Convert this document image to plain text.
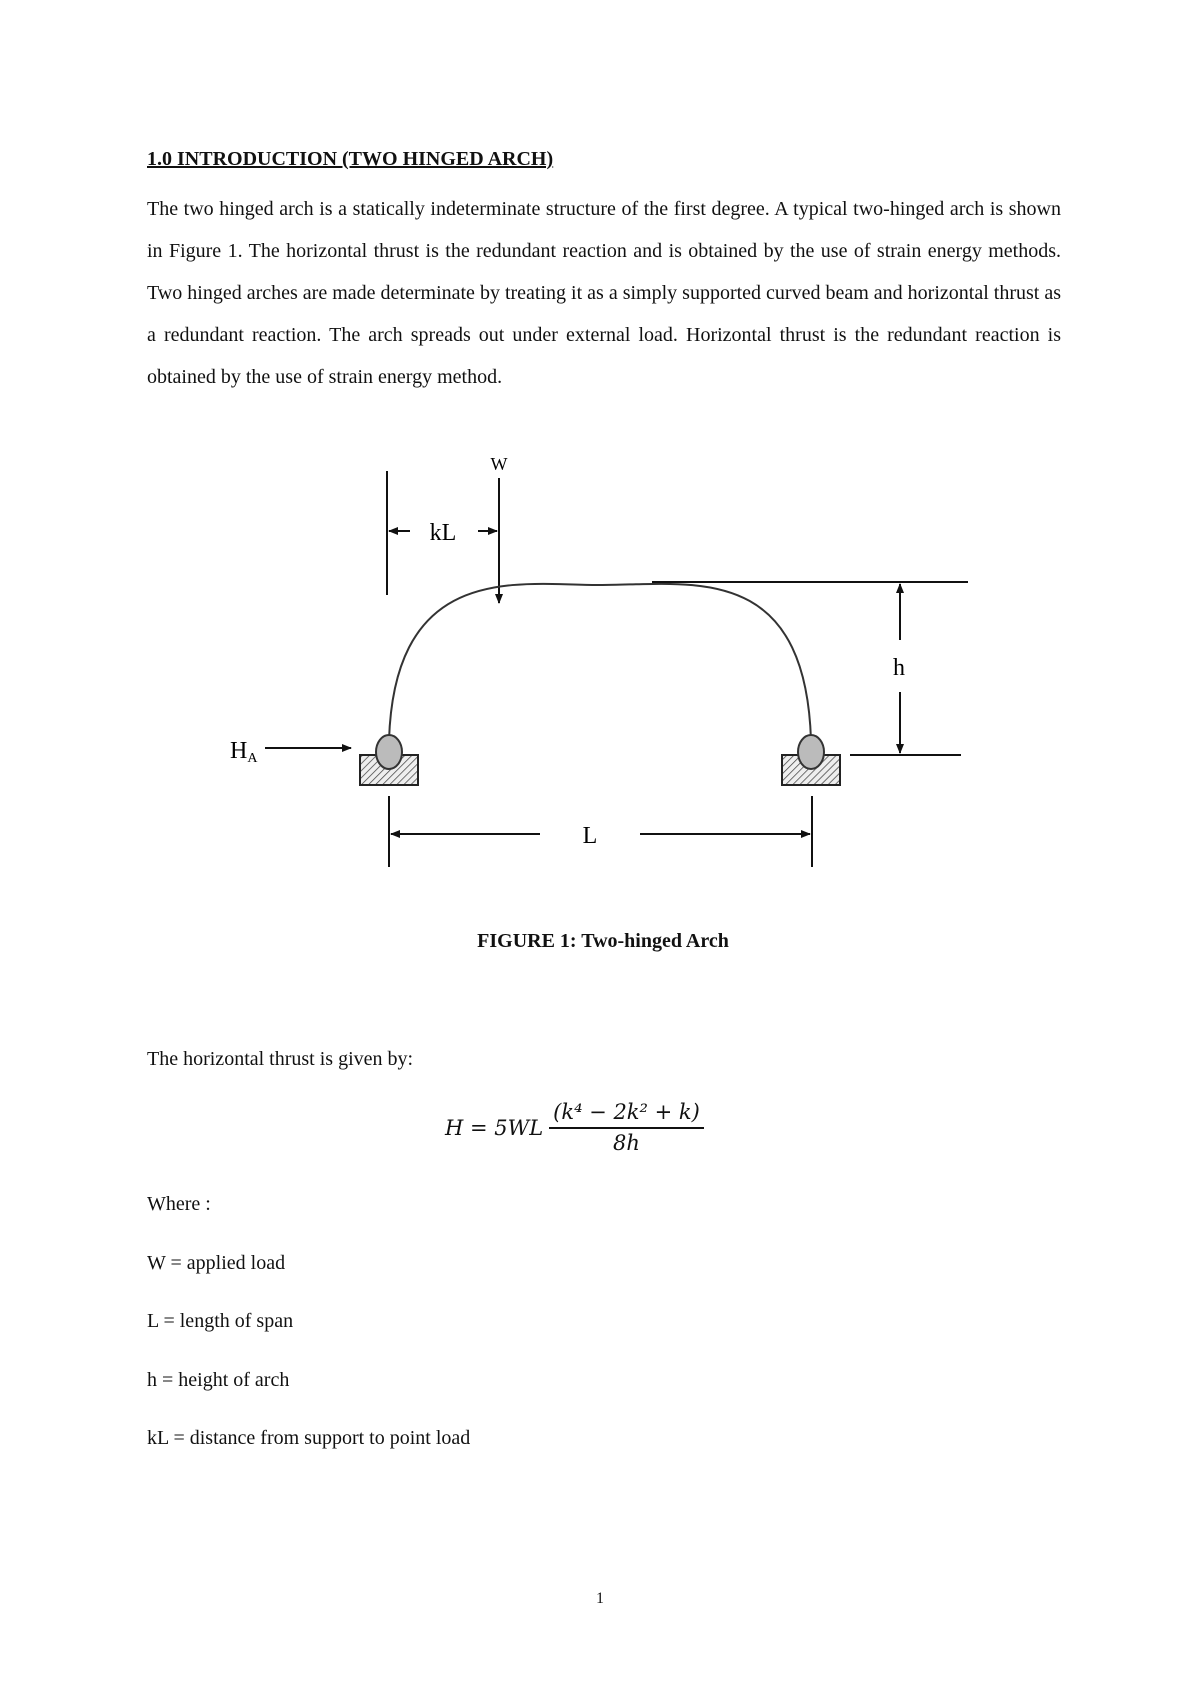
1.0 INTRODUCTION (TWO HINGED ARCH)

The two hinged arch is a statically indeterminate structure of the first degree. A typical two-hinged arch is shown in Figure 1. The horizontal thrust is the redundant reaction and is obtained by the use of strain energy methods. Two hinged arches are made determinate by treating it as a simply supported curved beam and horizontal thrust as a redundant reaction. The arch spreads out under external load. Horizontal thrust is the redundant reaction is obtained by the use of strain energy method.

kL
W
h
HA
L
FIGURE 1: Two-hinged Arch
The horizontal thrust is given by:
$H = 5WL \frac{\text{(k⁴ − 2k² + k)}}{8h}$
Where :
W = applied load
L = length of span
h = height of arch
kL = distance from support to point load
1
